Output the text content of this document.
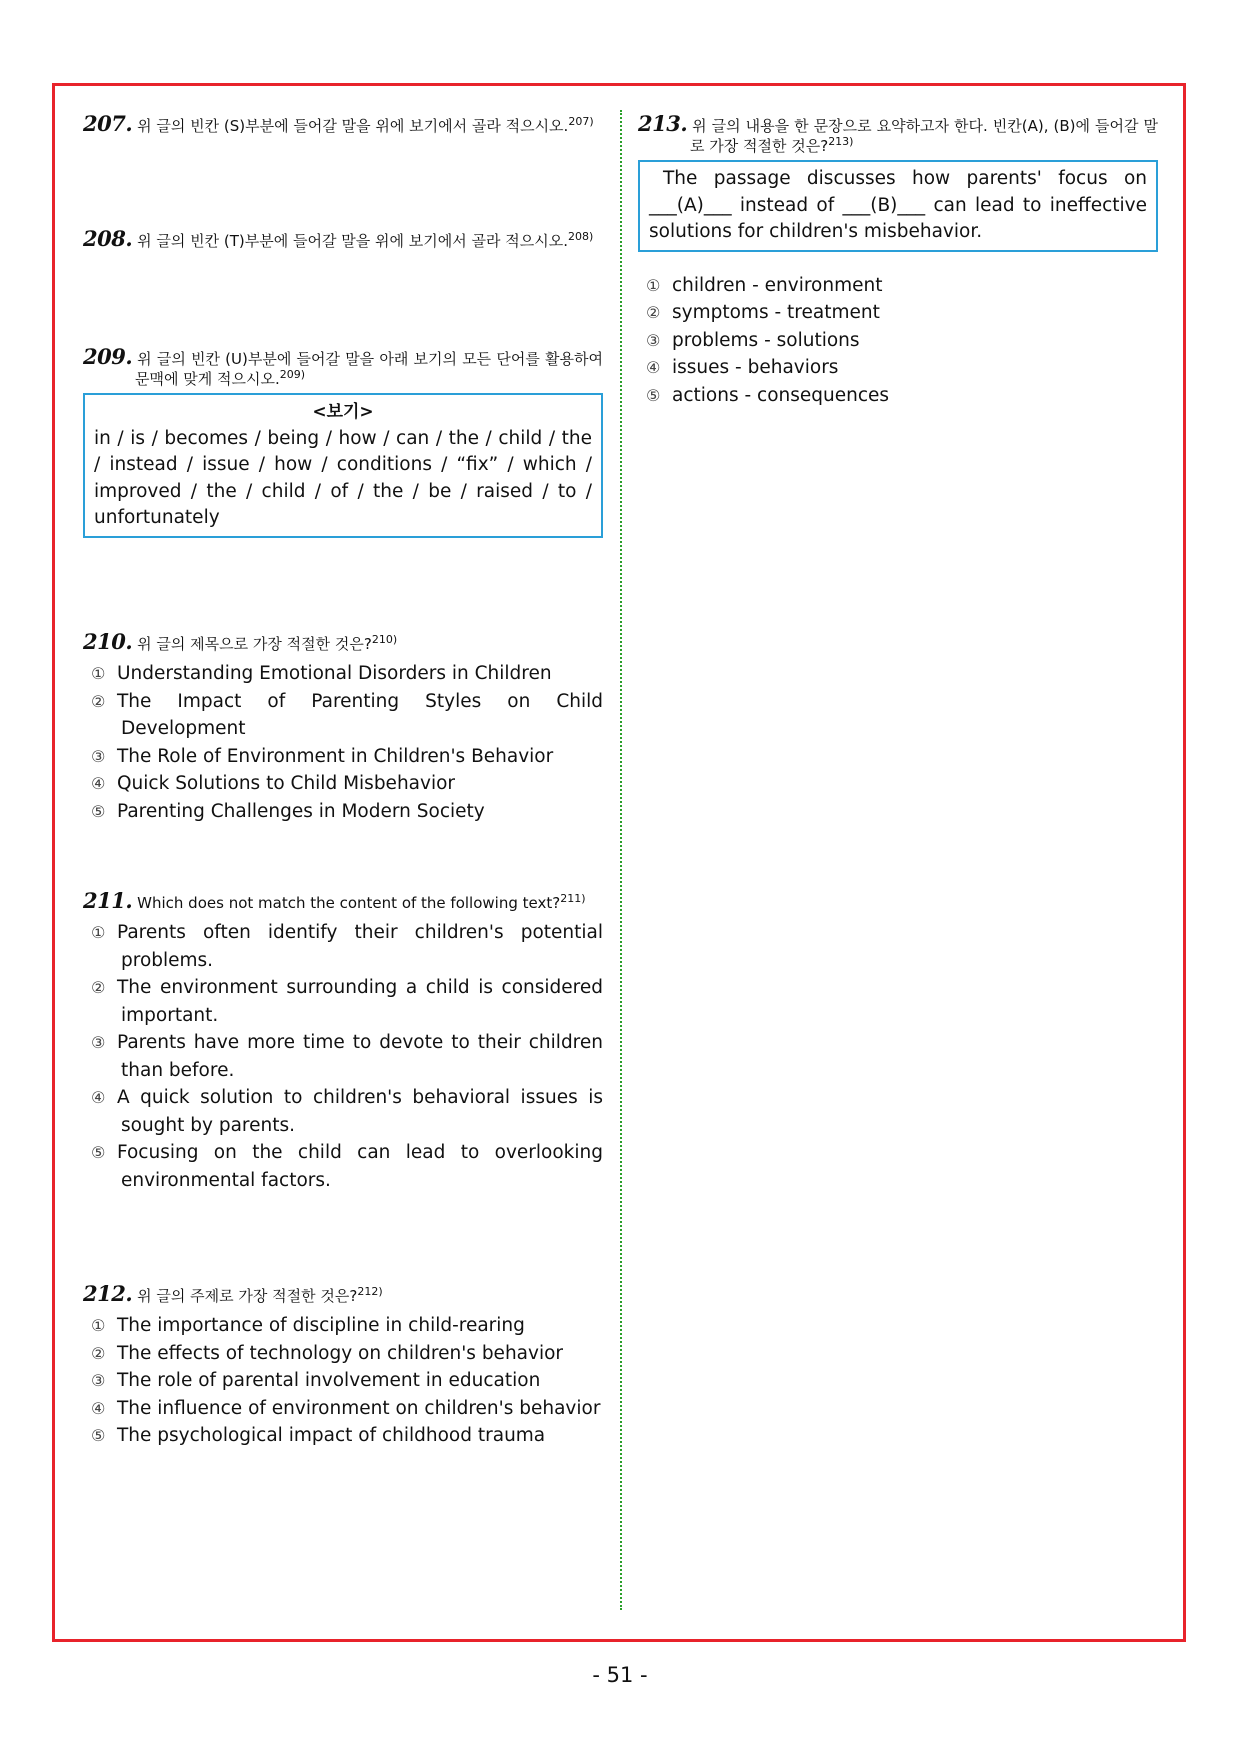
207. 위 글의 빈칸 (S)부분에 들어갈 말을 위에 보기에서 골라 적으시오.$^{207)}$
208. 위 글의 빈칸 (T)부분에 들어갈 말을 위에 보기에서 골라 적으시오.$^{208)}$
209. 위 글의 빈칸 (U)부분에 들어갈 말을 아래 보기의 모든 단어를 활용하여 문맥에 맞게 적으시오.$^{209)}$
<보기>
in / is / becomes / being / how / can / the / child / the / instead / issue / how / conditions / “fix” / which / improved / the / child / of / the / be / raised / to / unfortunately
210. 위 글의 제목으로 가장 적절한 것은?$^{210)}$
① Understanding Emotional Disorders in Children
② The Impact of Parenting Styles on Child Development
③ The Role of Environment in Children's Behavior
④ Quick Solutions to Child Misbehavior
⑤ Parenting Challenges in Modern Society
211. Which does not match the content of the following text?$^{211)}$
① Parents often identify their children's potential problems.
② The environment surrounding a child is considered important.
③ Parents have more time to devote to their children than before.
④ A quick solution to children's behavioral issues is sought by parents.
⑤ Focusing on the child can lead to overlooking environmental factors.
212. 위 글의 주제로 가장 적절한 것은?$^{212)}$
① The importance of discipline in child-rearing
② The effects of technology on children's behavior
③ The role of parental involvement in education
④ The influence of environment on children's behavior
⑤ The psychological impact of childhood trauma
213. 위 글의 내용을 한 문장으로 요약하고자 한다. 빈칸(A), (B)에 들어갈 말로 가장 적절한 것은?$^{213)}$
The passage discusses how parents' focus on ___(A)___ instead of ___(B)___ can lead to ineffective solutions for children's misbehavior.
① children - environment
② symptoms - treatment
③ problems - solutions
④ issues - behaviors
⑤ actions - consequences
- 51 -
